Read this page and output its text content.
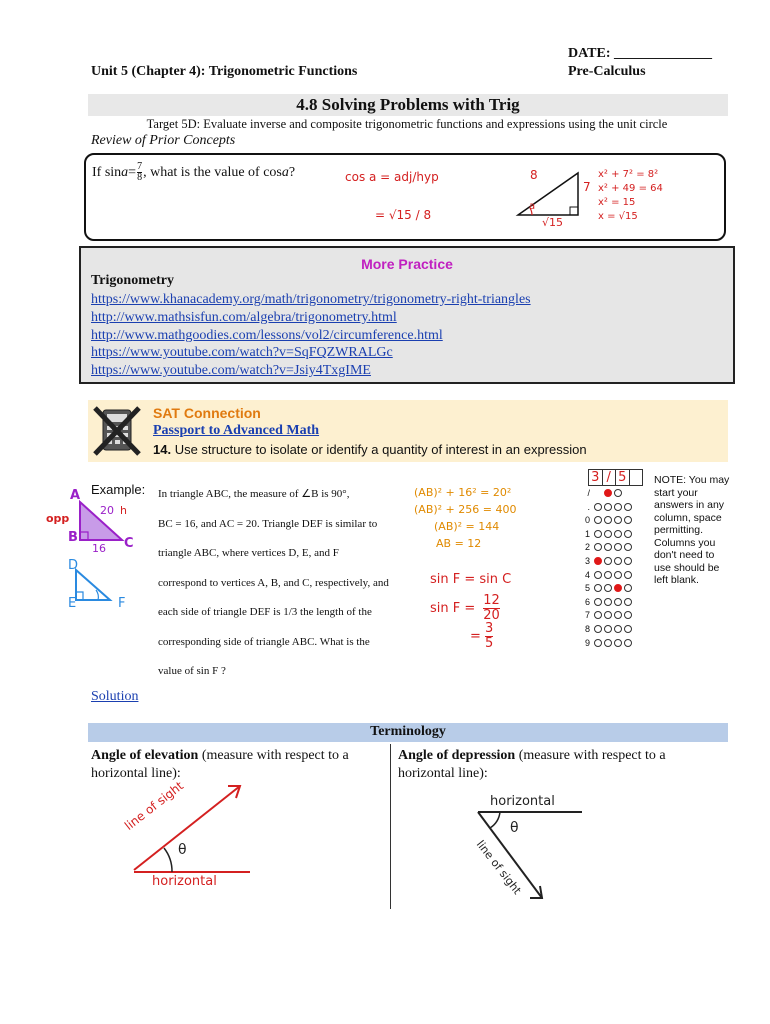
DATE: ______________
Pre-Calculus
Unit 5 (Chapter 4): Trigonometric Functions
4.8 Solving Problems with Trig
Target 5D: Evaluate inverse and composite trigonometric functions and expressions using the unit circle
Review of Prior Concepts
If $\sin a = \frac{7}{8}$ , what is the value of cos a ?	cos a = adj/hyp
= √15 / 8
8
7
√15
a
x² + 7² = 8²
x² + 49 = 64
x² = 15
x = √15
More Practice
Trigonometry
https://www.khanacademy.org/math/trigonometry/trigonometry-right-triangles
http://www.mathsisfun.com/algebra/trigonometry.html
http://www.mathgoodies.com/lessons/vol2/circumference.html
https://www.youtube.com/watch?v=SqFQZWRALGc
https://www.youtube.com/watch?v=Jsiy4TxgIME
SAT Connection
Passport to Advanced Math
14. Use structure to isolate or identify a quantity of interest in an expression
Example: In triangle ABC, the measure of ∠B is 90°,
BC = 16, and AC = 20. Triangle DEF is similar to
triangle ABC, where vertices D, E, and F
correspond to vertices A, B, and C, respectively, and
each side of triangle DEF is 1/3 the length of the
corresponding side of triangle ABC. What is the
value of sin F ?
A
B	C
opp
20 h
16
D
E	F
(AB)² + 16² = 20²
(AB)² + 256 = 400
(AB)² = 144
AB = 12
sin F = sin C
$\sin F = \frac{12}{20}$
= $\frac{3}{5}$
3 / 5
/
.
0
1
2
3
4
5
6
7
8
9
NOTE: You may start your answers in any column, space permitting. Columns you don't need to use should be left blank.
Solution
Terminology
Angle of elevation (measure with respect to a horizontal line):
Angle of depression (measure with respect to a horizontal line):
line of sight
θ
horizontal
horizontal
θ
line of sight
